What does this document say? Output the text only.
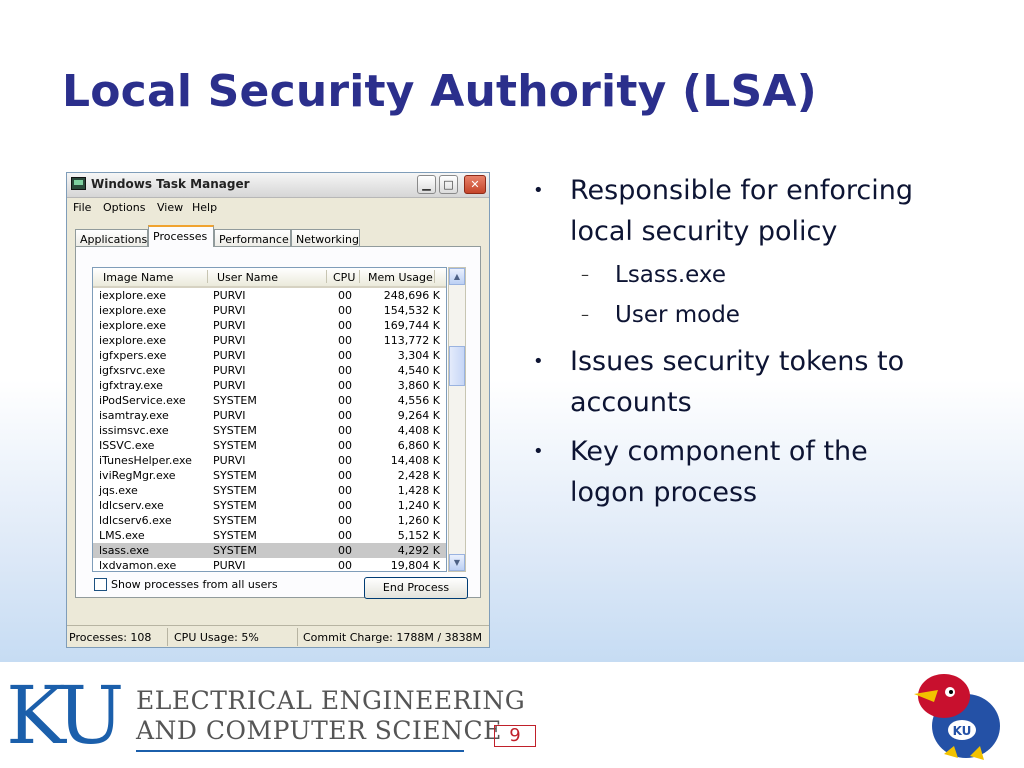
Local Security Authority (LSA)
Windows Task Manager	▁	□	✕
File Options View Help
Applications Processes	Performance Networking
Image Name	User Name	CPU Mem Usage
iexplore.exe	PURVI	00	248,696 K
iexplore.exe	PURVI	00	154,532 K
iexplore.exe	PURVI	00	169,744 K
iexplore.exe	PURVI	00	113,772 K
igfxpers.exe	PURVI	00	3,304 K
igfxsrvc.exe	PURVI	00	4,540 K
igfxtray.exe	PURVI	00	3,860 K
iPodService.exe SYSTEM	00	4,556 K
isamtray.exe	PURVI	00	9,264 K
issimsvc.exe	SYSTEM	00	4,408 K
ISSVC.exe	SYSTEM	00	6,860 K
iTunesHelper.exe PURVI	00	14,408 K
iviRegMgr.exe	SYSTEM	00	2,428 K
jqs.exe	SYSTEM	00	1,428 K
ldlcserv.exe	SYSTEM	00	1,240 K
ldlcserv6.exe	SYSTEM	00	1,260 K
LMS.exe	SYSTEM	00	5,152 K
lsass.exe	SYSTEM	00	4,292 K
lxdvamon.exe	PURVI	00	19,804 K
▲
▼
Show processes from all users	End Process
Processes: 108 CPU Usage: 5%	Commit Charge: 1788M / 3838M
• Responsible for enforcing
local security policy
– Lsass.exe
– User mode
• Issues security tokens to
accounts
• Key component of the
logon process
KU ELECTRICAL ENGINEERING
AND COMPUTER SCIENCE 9	KU
